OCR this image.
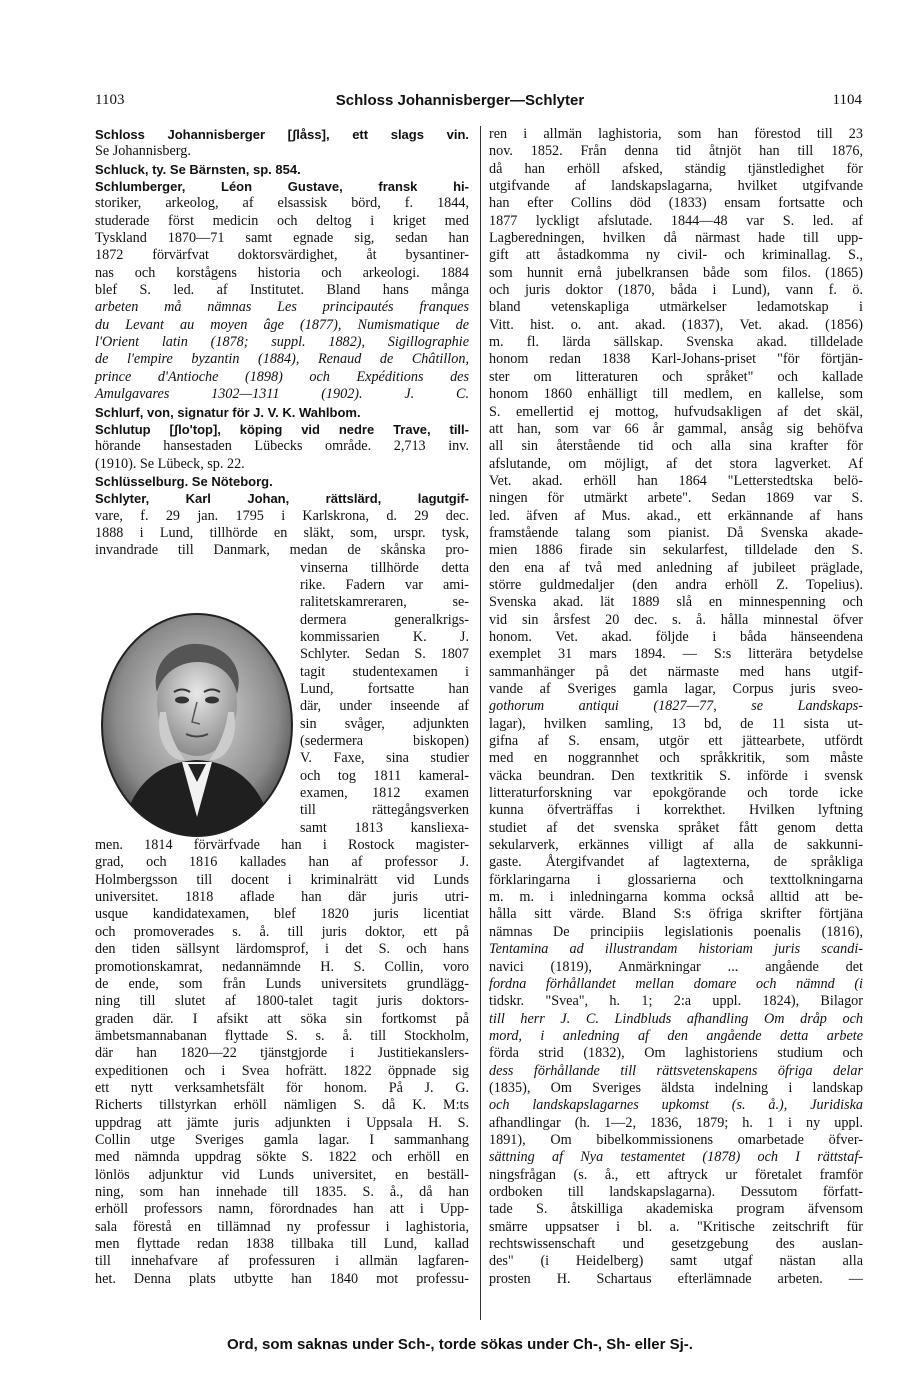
1103	Schloss Johannisberger—Schlyter	1104
Schloss Johannisberger [ʃlåss], ett slags vin.
Se Johannisberg.
Schluck, ty. Se Bärnsten, sp. 854.
Schlumberger, Léon Gustave, fransk hi-
storiker, arkeolog, af elsassisk börd, f. 1844,
studerade först medicin och deltog i kriget med
Tyskland 1870—71 samt egnade sig, sedan han
1872 förvärfvat doktorsvärdighet, åt bysantiner-
nas och korstågens historia och arkeologi. 1884
blef S. led. af Institutet. Bland hans många
arbeten må nämnas Les principautés franques
du Levant au moyen âge (1877), Numismatique de
l'Orient latin (1878; suppl. 1882), Sigillographie
de l'empire byzantin (1884), Renaud de Châtillon,
prince d'Antioche (1898) och Expéditions des
Amulgavares 1302—1311 (1902). J. C.
Schlurf, von, signatur för J. V. K. Wahlbom.
Schlutup [ʃlo'top], köping vid nedre Trave, till-
hörande hansestaden Lübecks område. 2,713 inv.
(1910). Se Lübeck, sp. 22.
Schlüsselburg. Se Nöteborg.
Schlyter, Karl Johan, rättslärd, lagutgif-
vare, f. 29 jan. 1795 i Karlskrona, d. 29 dec.
1888 i Lund, tillhörde en släkt, som, urspr. tysk,
invandrade till Danmark, medan de skånska pro-
vinserna tillhörde detta
rike. Fadern var ami-
ralitetskamreraren, se-
dermera generalkrigs-
kommissarien K. J.
Schlyter. Sedan S. 1807
tagit studentexamen i
Lund, fortsatte han
där, under inseende af
sin svåger, adjunkten
(sedermera biskopen)
V. Faxe, sina studier
och tog 1811 kameral-
examen, 1812 examen
till rättegångsverken
samt 1813 kansliexa-
men. 1814 förvärfvade han i Rostock magister-
grad, och 1816 kallades han af professor J.
Holmbergsson till docent i kriminalrätt vid Lunds
universitet. 1818 aflade han där juris utri-
usque kandidatexamen, blef 1820 juris licentiat
och promoverades s. å. till juris doktor, ett på
den tiden sällsynt lärdomsprof, i det S. och hans
promotionskamrat, nedannämnde H. S. Collin, voro
de ende, som från Lunds universitets grundlägg-
ning till slutet af 1800-talet tagit juris doktors-
graden där. I afsikt att söka sin fortkomst på
ämbetsmannabanan flyttade S. s. å. till Stockholm,
där han 1820—22 tjänstgjorde i Justitiekanslers-
expeditionen och i Svea hofrätt. 1822 öppnade sig
ett nytt verksamhetsfält för honom. På J. G.
Richerts tillstyrkan erhöll nämligen S. då K. M:ts
uppdrag att jämte juris adjunkten i Uppsala H. S.
Collin utge Sveriges gamla lagar. I sammanhang
med nämnda uppdrag sökte S. 1822 och erhöll en
lönlös adjunktur vid Lunds universitet, en beställ-
ning, som han innehade till 1835. S. å., då han
erhöll professors namn, förordnades han att i Upp-
sala förestå en tillämnad ny professur i laghistoria,
men flyttade redan 1838 tillbaka till Lund, kallad
till innehafvare af professuren i allmän lagfaren-
het. Denna plats utbytte han 1840 mot professu-
ren i allmän laghistoria, som han förestod till 23
nov. 1852. Från denna tid åtnjöt han till 1876,
då han erhöll afsked, ständig tjänstledighet för
utgifvande af landskapslagarna, hvilket utgifvande
han efter Collins död (1833) ensam fortsatte och
1877 lyckligt afslutade. 1844—48 var S. led. af
Lagberedningen, hvilken då närmast hade till upp-
gift att åstadkomma ny civil- och kriminallag. S.,
som hunnit ernå jubelkransen både som filos. (1865)
och juris doktor (1870, båda i Lund), vann f. ö.
bland vetenskapliga utmärkelser ledamotskap i
Vitt. hist. o. ant. akad. (1837), Vet. akad. (1856)
m. fl. lärda sällskap. Svenska akad. tilldelade
honom redan 1838 Karl-Johans-priset "för förtjän-
ster om litteraturen och språket" och kallade
honom 1860 enhälligt till medlem, en kallelse, som
S. emellertid ej mottog, hufvudsakligen af det skäl,
att han, som var 66 år gammal, ansåg sig behöfva
all sin återstående tid och alla sina krafter för
afslutande, om möjligt, af det stora lagverket. Af
Vet. akad. erhöll han 1864 "Letterstedtska belö-
ningen för utmärkt arbete". Sedan 1869 var S.
led. äfven af Mus. akad., ett erkännande af hans
framstående talang som pianist. Då Svenska akade-
mien 1886 firade sin sekularfest, tilldelade den S.
den ena af två med anledning af jubileet präglade,
större guldmedaljer (den andra erhöll Z. Topelius).
Svenska akad. lät 1889 slå en minnespenning och
vid sin årsfest 20 dec. s. å. hålla minnestal öfver
honom. Vet. akad. följde i båda hänseendena
exemplet 31 mars 1894. — S:s litterära betydelse
sammanhänger på det närmaste med hans utgif-
vande af Sveriges gamla lagar, Corpus juris sveo-
gothorum antiqui (1827—77, se Landskaps-
lagar), hvilken samling, 13 bd, de 11 sista ut-
gifna af S. ensam, utgör ett jättearbete, utfördt
med en noggrannhet och språkkritik, som måste
väcka beundran. Den textkritik S. införde i svensk
litteraturforskning var epokgörande och torde icke
kunna öfverträffas i korrekthet. Hvilken lyftning
studiet af det svenska språket fått genom detta
sekularverk, erkännes villigt af alla de sakkunni-
gaste. Återgifvandet af lagtexterna, de språkliga
förklaringarna i glossarierna och texttolkningarna
m. m. i inledningarna komma också alltid att be-
hålla sitt värde. Bland S:s öfriga skrifter förtjäna
nämnas De principiis legislationis poenalis (1816),
Tentamina ad illustrandam historiam juris scandi-
navici (1819), Anmärkningar ... angående det
fordna förhållandet mellan domare och nämnd (i
tidskr. "Svea", h. 1; 2:a uppl. 1824), Bilagor
till herr J. C. Lindbluds afhandling Om dråp och
mord, i anledning af den angående detta arbete
förda strid (1832), Om laghistoriens studium och
dess förhållande till rättsvetenskapens öfriga delar
(1835), Om Sveriges äldsta indelning i landskap
och landskapslagarnes upkomst (s. å.), Juridiska
afhandlingar (h. 1—2, 1836, 1879; h. 1 i ny uppl.
1891), Om bibelkommissionens omarbetade öfver-
sättning af Nya testamentet (1878) och I rättstaf-
ningsfrågan (s. å., ett aftryck ur företalet framför
ordboken till landskapslagarna). Dessutom författ-
tade S. åtskilliga akademiska program äfvensom
smärre uppsatser i bl. a. "Kritische zeitschrift für
rechtswissenschaft und gesetzgebung des auslan-
des" (i Heidelberg) samt utgaf nästan alla
prosten H. Schartaus efterlämnade arbeten. —
Ord, som saknas under Sch-, torde sökas under Ch-, Sh- eller Sj-.
